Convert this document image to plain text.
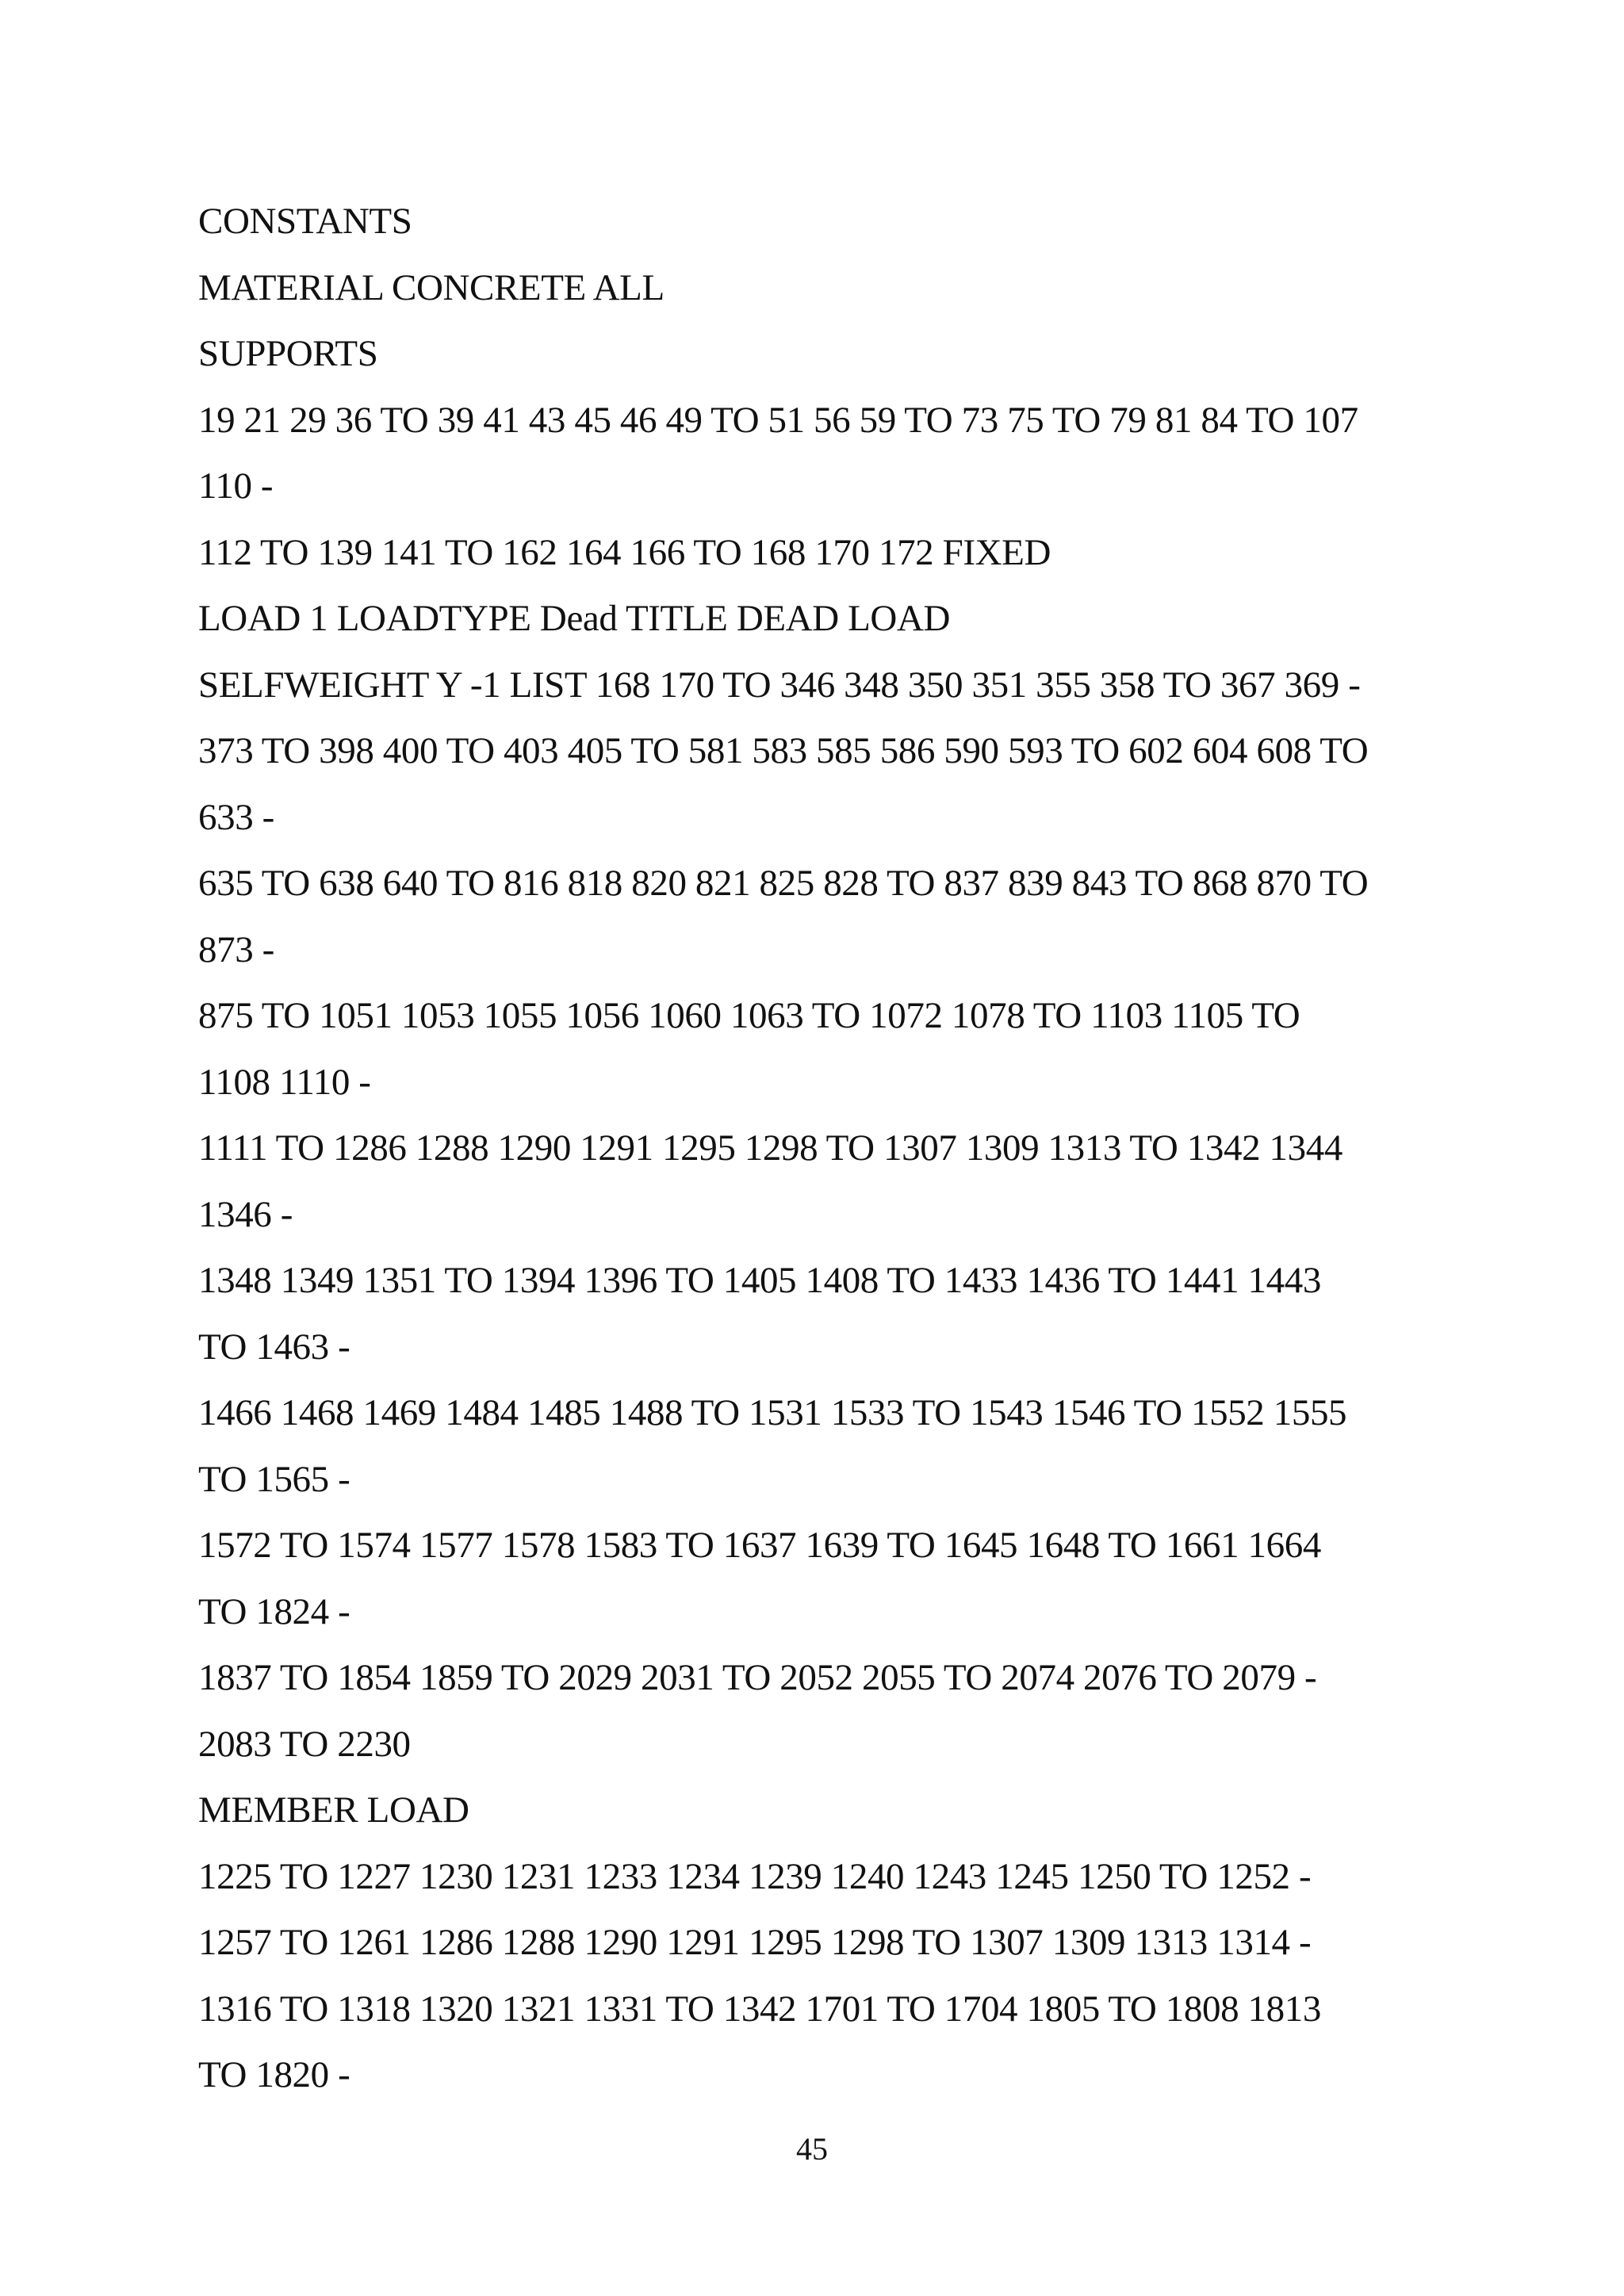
CONSTANTS
MATERIAL CONCRETE ALL
SUPPORTS
19 21 29 36 TO 39 41 43 45 46 49 TO 51 56 59 TO 73 75 TO 79 81 84 TO 107
110 -
112 TO 139 141 TO 162 164 166 TO 168 170 172 FIXED
LOAD 1 LOADTYPE Dead TITLE DEAD LOAD
SELFWEIGHT Y -1 LIST 168 170 TO 346 348 350 351 355 358 TO 367 369 -
373 TO 398 400 TO 403 405 TO 581 583 585 586 590 593 TO 602 604 608 TO
633 -
635 TO 638 640 TO 816 818 820 821 825 828 TO 837 839 843 TO 868 870 TO
873 -
875 TO 1051 1053 1055 1056 1060 1063 TO 1072 1078 TO 1103 1105 TO
1108 1110 -
1111 TO 1286 1288 1290 1291 1295 1298 TO 1307 1309 1313 TO 1342 1344
1346 -
1348 1349 1351 TO 1394 1396 TO 1405 1408 TO 1433 1436 TO 1441 1443
TO 1463 -
1466 1468 1469 1484 1485 1488 TO 1531 1533 TO 1543 1546 TO 1552 1555
TO 1565 -
1572 TO 1574 1577 1578 1583 TO 1637 1639 TO 1645 1648 TO 1661 1664
TO 1824 -
1837 TO 1854 1859 TO 2029 2031 TO 2052 2055 TO 2074 2076 TO 2079 -
2083 TO 2230
MEMBER LOAD
1225 TO 1227 1230 1231 1233 1234 1239 1240 1243 1245 1250 TO 1252 -
1257 TO 1261 1286 1288 1290 1291 1295 1298 TO 1307 1309 1313 1314 -
1316 TO 1318 1320 1321 1331 TO 1342 1701 TO 1704 1805 TO 1808 1813
TO 1820 -
45
